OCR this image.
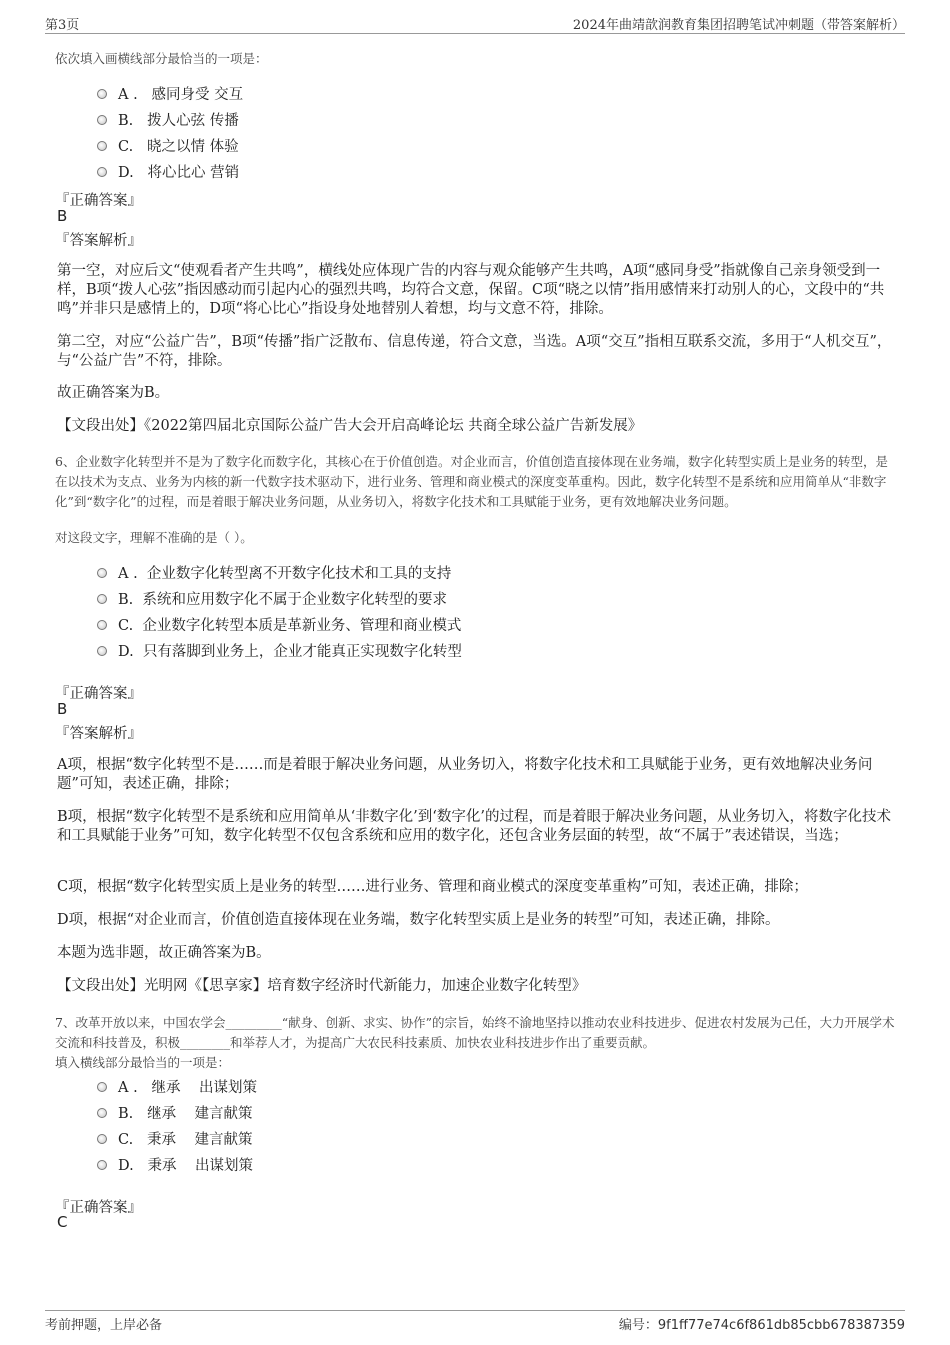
第3页	2024年曲靖歆润教育集团招聘笔试冲刺题（带答案解析）
依次填入画横线部分最恰当的一项是：
A . 感同身受 交互
B. 拨人心弦 传播
C. 晓之以情 体验
D. 将心比心 营销
『正确答案』
B
『答案解析』
第一空，对应后文“使观看者产生共鸣”，横线处应体现广告的内容与观众能够产生共鸣，A项“感同身受”指就像自己亲身领受到一样，B项“拨人心弦”指因感动而引起内心的强烈共鸣，均符合文意，保留。C项“晓之以情”指用感情来打动别人的心，文段中的“共鸣”并非只是感情上的，D项“将心比心”指设身处地替别人着想，均与文意不符，排除。
第二空，对应“公益广告”，B项“传播”指广泛散布、信息传递，符合文意，当选。A项“交互”指相互联系交流，多用于“人机交互”，与“公益广告”不符，排除。
故正确答案为B。
【文段出处】《2022第四届北京国际公益广告大会开启高峰论坛 共商全球公益广告新发展》
6、企业数字化转型并不是为了数字化而数字化，其核心在于价值创造。对企业而言，价值创造直接体现在业务端，数字化转型实质上是业务的转型，是在以技术为支点、业务为内核的新一代数字技术驱动下，进行业务、管理和商业模式的深度变革重构。因此，数字化转型不是系统和应用简单从“非数字化”到“数字化”的过程，而是着眼于解决业务问题，从业务切入，将数字化技术和工具赋能于业务，更有效地解决业务问题。
对这段文字，理解不准确的是（ ）。
A . 企业数字化转型离不开数字化技术和工具的支持
B. 系统和应用数字化不属于企业数字化转型的要求
C. 企业数字化转型本质是革新业务、管理和商业模式
D. 只有落脚到业务上，企业才能真正实现数字化转型
『正确答案』
B
『答案解析』
A项，根据“数字化转型不是……而是着眼于解决业务问题，从业务切入，将数字化技术和工具赋能于业务，更有效地解决业务问题”可知，表述正确，排除；
B项，根据“数字化转型不是系统和应用简单从‘非数字化’到‘数字化’的过程，而是着眼于解决业务问题，从业务切入，将数字化技术和工具赋能于业务”可知，数字化转型不仅包含系统和应用的数字化，还包含业务层面的转型，故“不属于”表述错误，当选；
C项，根据“数字化转型实质上是业务的转型……进行业务、管理和商业模式的深度变革重构”可知，表述正确，排除；
D项，根据“对企业而言，价值创造直接体现在业务端，数字化转型实质上是业务的转型”可知，表述正确，排除。
本题为选非题，故正确答案为B。
【文段出处】光明网《【思享家】培育数字经济时代新能力，加速企业数字化转型》
7、改革开放以来，中国农学会_________“献身、创新、求实、协作”的宗旨，始终不渝地坚持以推动农业科技进步、促进农村发展为己任，大力开展学术交流和科技普及，积极________和举荐人才，为提高广大农民科技素质、加快农业科技进步作出了重要贡献。
填入横线部分最恰当的一项是：
A . 继承    出谋划策
B. 继承    建言献策
C. 秉承    建言献策
D. 秉承    出谋划策
『正确答案』
C
考前押题，上岸必备	编号：9f1ff77e74c6f861db85cbb678387359
